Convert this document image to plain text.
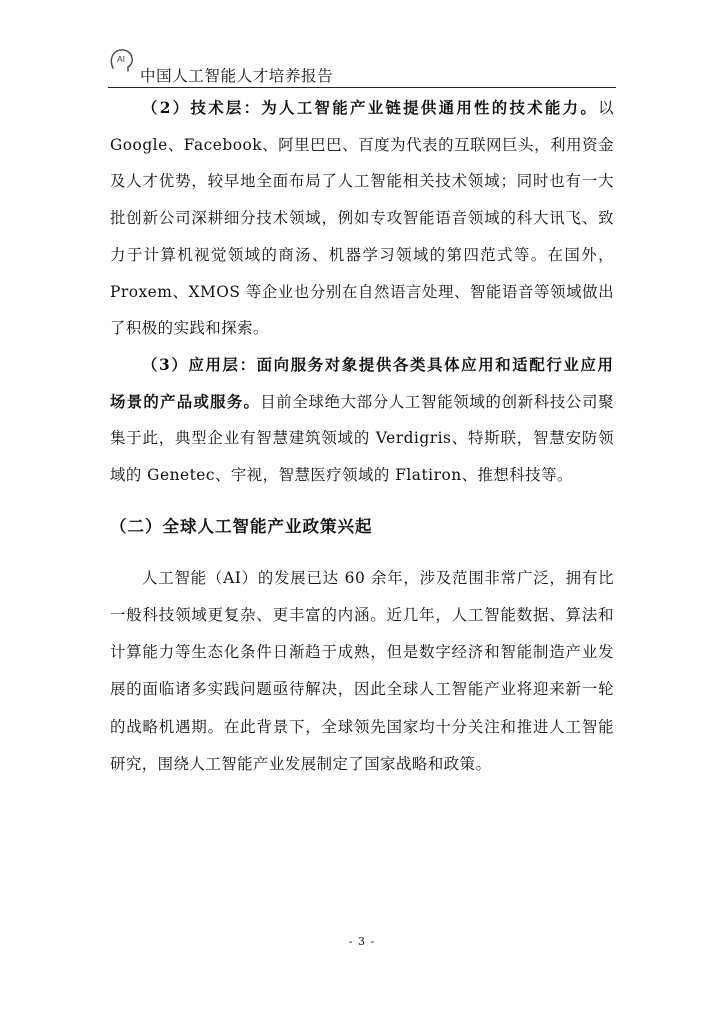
AI
中国人工智能人才培养报告

（2）技术层：为人工智能产业链提供通用性的技术能力。以Google、Facebook、阿里巴巴、百度为代表的互联网巨头，利用资金及人才优势，较早地全面布局了人工智能相关技术领域；同时也有一大批创新公司深耕细分技术领域，例如专攻智能语音领域的科大讯飞、致力于计算机视觉领域的商汤、机器学习领域的第四范式等。在国外，Proxem、XMOS 等企业也分别在自然语言处理、智能语音等领域做出了积极的实践和探索。

（3）应用层：面向服务对象提供各类具体应用和适配行业应用场景的产品或服务。目前全球绝大部分人工智能领域的创新科技公司聚集于此，典型企业有智慧建筑领域的 Verdigris、特斯联，智慧安防领域的 Genetec、宇视，智慧医疗领域的 Flatiron、推想科技等。

（二）全球人工智能产业政策兴起

人工智能（AI）的发展已达 60 余年，涉及范围非常广泛，拥有比一般科技领域更复杂、更丰富的内涵。近几年，人工智能数据、算法和计算能力等生态化条件日渐趋于成熟，但是数字经济和智能制造产业发展的面临诸多实践问题亟待解决，因此全球人工智能产业将迎来新一轮的战略机遇期。在此背景下，全球领先国家均十分关注和推进人工智能研究，围绕人工智能产业发展制定了国家战略和政策。

- 3 -
